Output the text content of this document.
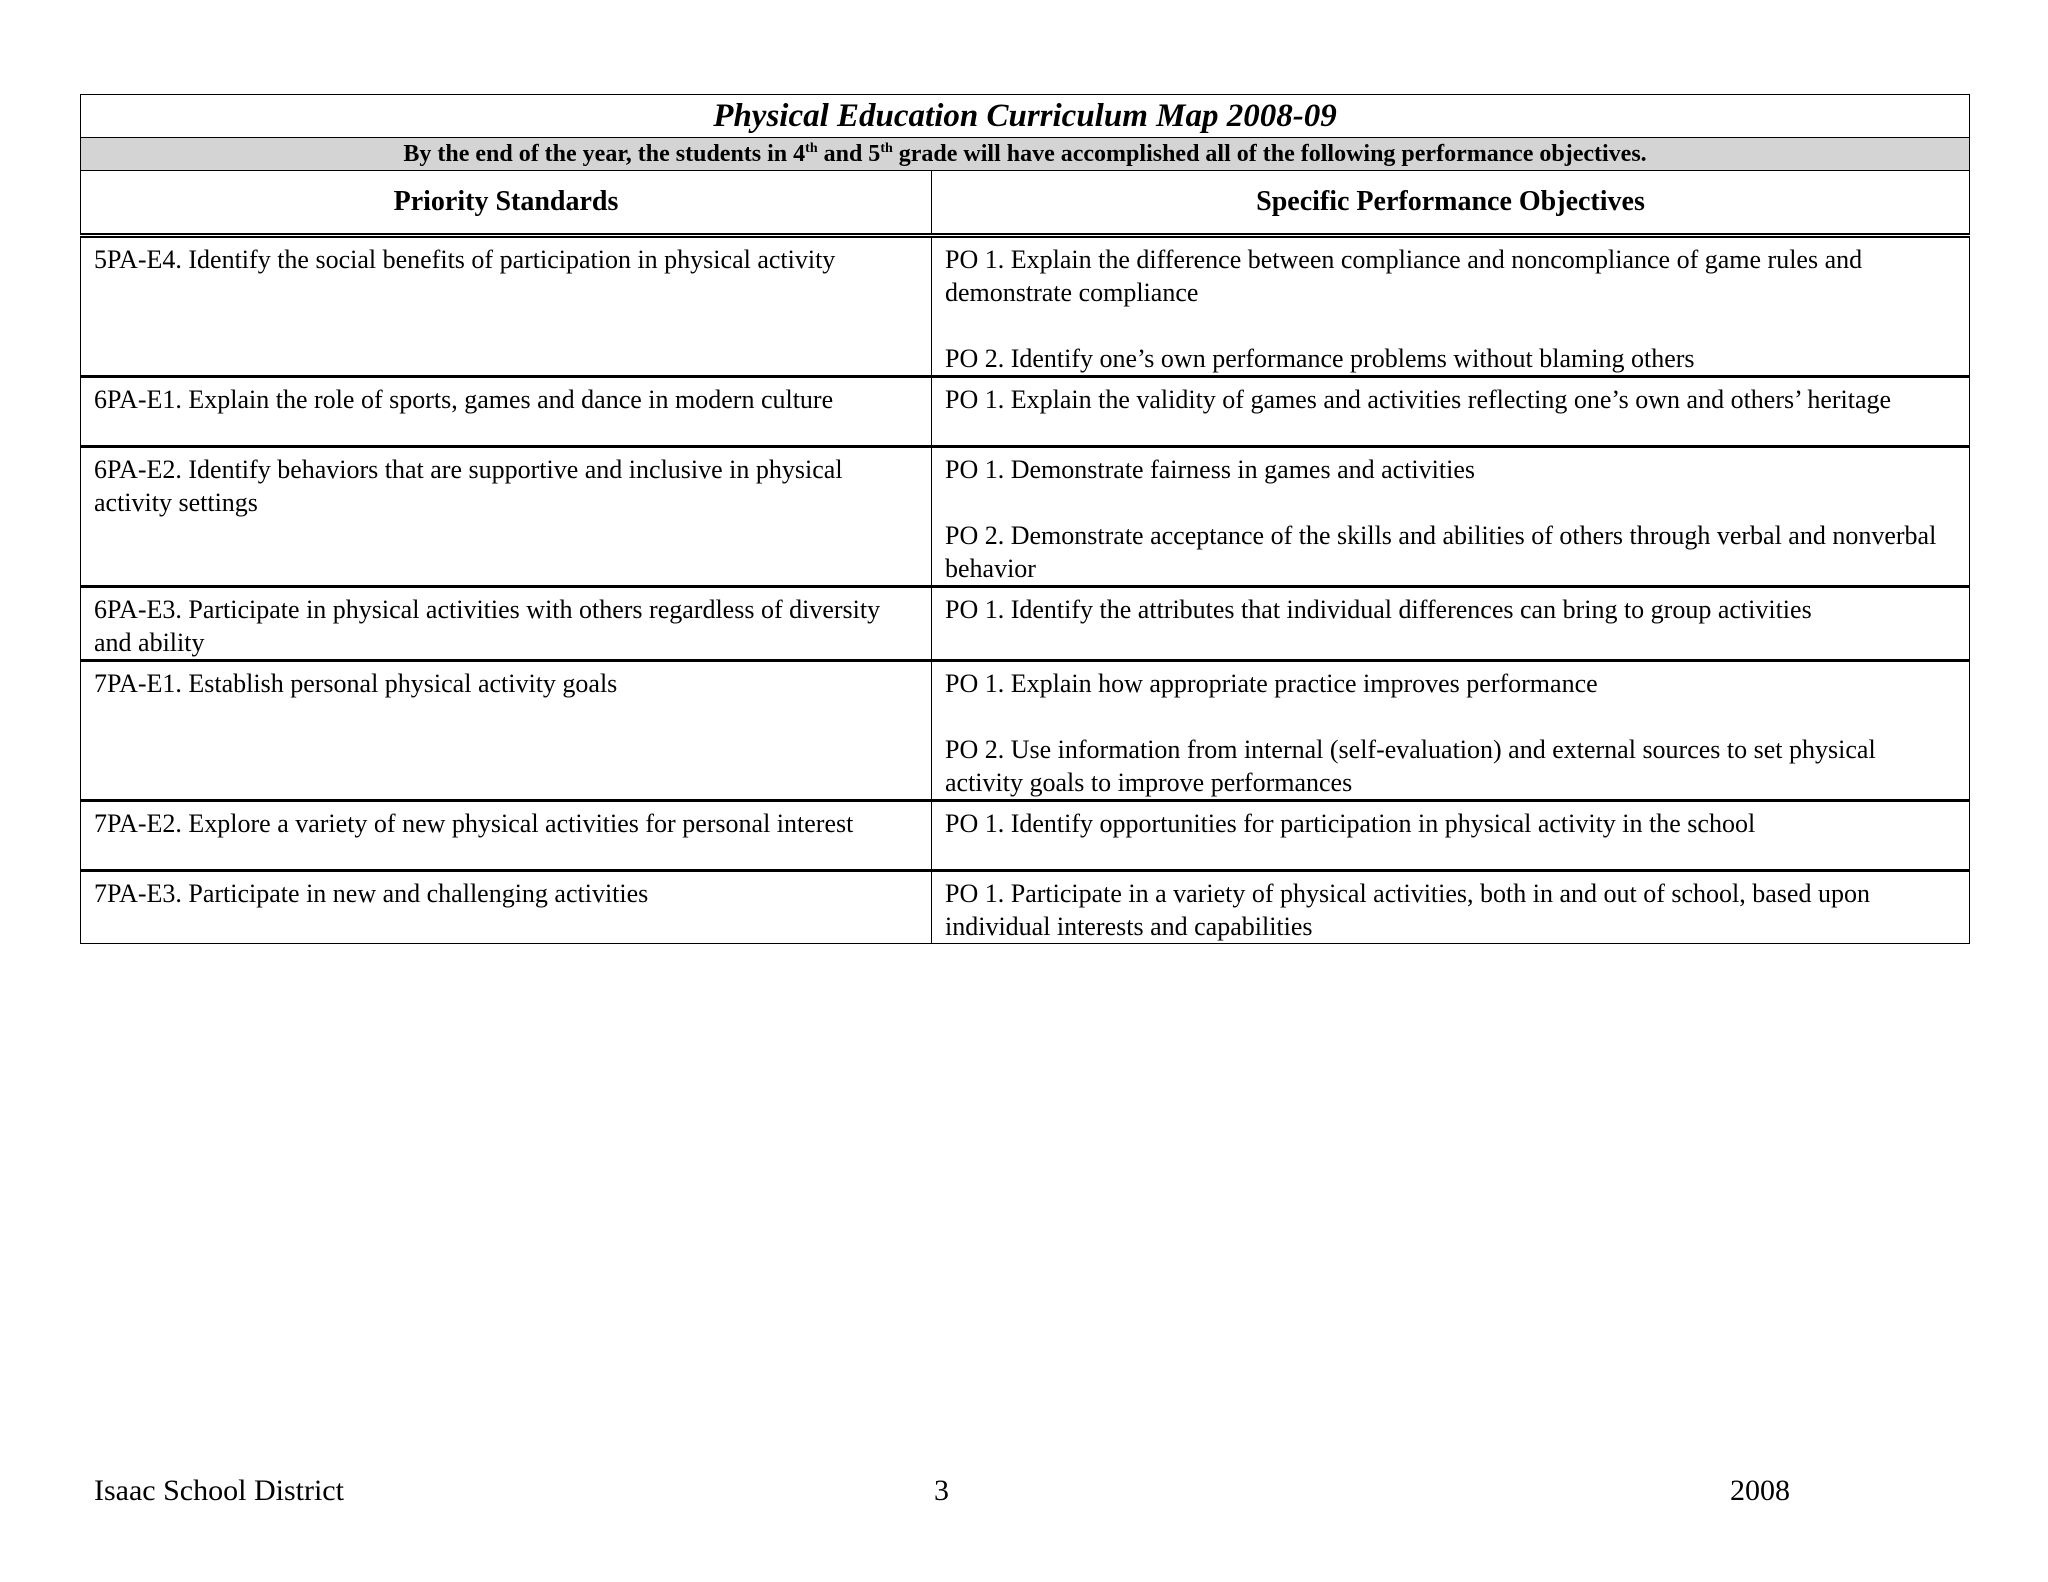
Physical Education Curriculum Map 2008-09	
By the end of the year, the students in 4th and 5th grade will have accomplished all of the following performance objectives.	
Priority Standards	Specific Performance Objectives
5PA-E4. Identify the social benefits of participation in physical activity	PO 1. Explain the difference between compliance and noncompliance of game rules and demonstrate compliance
PO 2. Identify one’s own performance problems without blaming others

6PA-E1. Explain the role of sports, games and dance in modern culture	PO 1. Explain the validity of games and activities reflecting one’s own and others’ heritage

6PA-E2. Identify behaviors that are supportive and inclusive in physical activity settings	PO 1. Demonstrate fairness in games and activities
PO 2. Demonstrate acceptance of the skills and abilities of others through verbal and nonverbal behavior

6PA-E3. Participate in physical activities with others regardless of diversity and ability	PO 1. Identify the attributes that individual differences can bring to group activities

7PA-E1. Establish personal physical activity goals	PO 1. Explain how appropriate practice improves performance
PO 2. Use information from internal (self-evaluation) and external sources to set physical activity goals to improve performances

7PA-E2. Explore a variety of new physical activities for personal interest	PO 1. Identify opportunities for participation in physical activity in the school

7PA-E3. Participate in new and challenging activities	PO 1. Participate in a variety of physical activities, both in and out of school, based upon individual interests and capabilities
Isaac School District	3	2008
